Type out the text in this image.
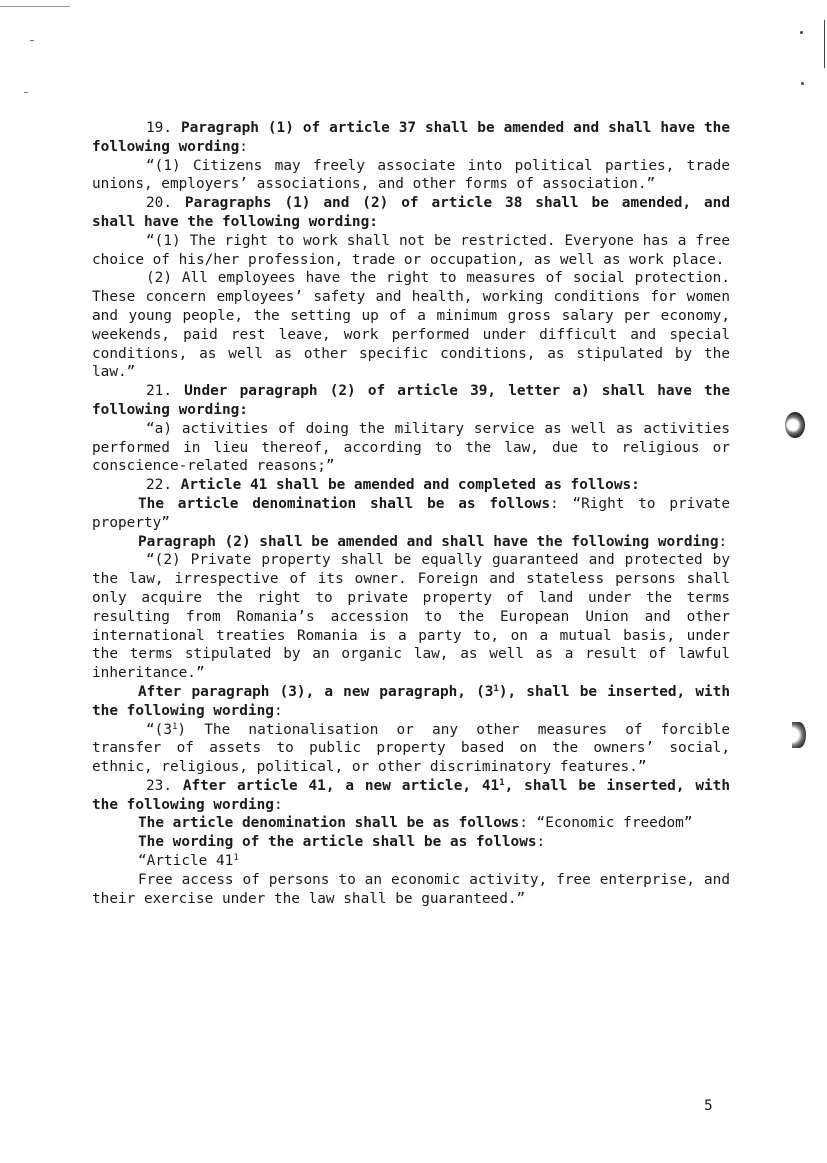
19. Paragraph (1) of article 37 shall be amended and shall have the following wording:

“(1) Citizens may freely associate into political parties, trade unions, employers’ associations, and other forms of association.”

20. Paragraphs (1) and (2) of article 38 shall be amended, and shall have the following wording:

“(1) The right to work shall not be restricted. Everyone has a free choice of his/her profession, trade or occupation, as well as work place.

(2) All employees have the right to measures of social protection. These concern employees’ safety and health, working conditions for women and young people, the setting up of a minimum gross salary per economy, weekends, paid rest leave, work performed under difficult and special conditions, as well as other specific conditions, as stipulated by the law.”

21. Under paragraph (2) of article 39, letter a) shall have the following wording:

“a) activities of doing the military service as well as activities performed in lieu thereof, according to the law, due to religious or conscience-related reasons;”

22. Article 41 shall be amended and completed as follows:

The article denomination shall be as follows: “Right to private property”

Paragraph (2) shall be amended and shall have the following wording:

“(2) Private property shall be equally guaranteed and protected by the law, irrespective of its owner. Foreign and stateless persons shall only acquire the right to private property of land under the terms resulting from Romania’s accession to the European Union and other international treaties Romania is a party to, on a mutual basis, under the terms stipulated by an organic law, as well as a result of lawful inheritance.”

After paragraph (3), a new paragraph, $(3^1)$, shall be inserted, with the following wording:

“$(3^1)$ The nationalisation or any other measures of forcible transfer of assets to public property based on the owners’ social, ethnic, religious, political, or other discriminatory features.”

23. After article 41, a new article, $41^1$, shall be inserted, with the following wording:

The article denomination shall be as follows: “Economic freedom”

The wording of the article shall be as follows:

“Article $41^1$

Free access of persons to an economic activity, free enterprise, and their exercise under the law shall be guaranteed.”

5
